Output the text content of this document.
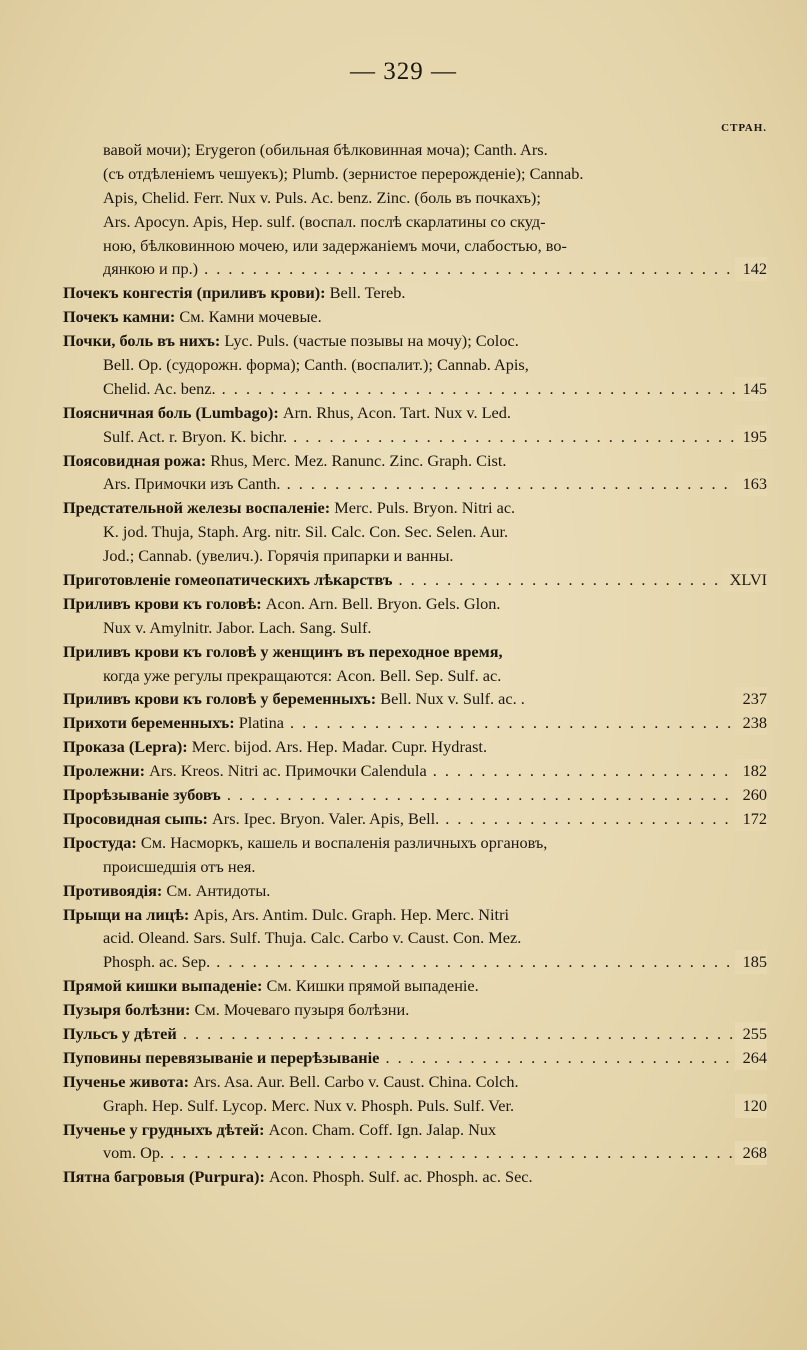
— 329 —
СТРАН.
вавой мочи); Erygeron (обильная бѣлковинная моча); Canth. Ars.
(съ отдѣленіемъ чешуекъ); Plumb. (зернистое перерожденіе); Cannab.
Apis, Chelid. Ferr. Nux v. Puls. Ac. benz. Zinc. (боль въ почкахъ);
Ars. Apocyn. Apis, Hep. sulf. (воспал. послѣ скарлатины со скуд-
ною, бѣлковинною мочею, или задержаніемъ мочи, слабостью, во-
дянкою и пр.) . . .	142
Почекъ конгестія (приливъ крови): Bell. Tereb.
Почекъ камни: См. Камни мочевые.
Почки, боль въ нихъ: Lyc. Puls. (частые позывы на мочу); Coloc.
Bell. Op. (судорожн. форма); Canth. (воспалит.); Cannab. Apis,
Chelid. Ac. benz. . . .	145
Поясничная боль (Lumbago): Arn. Rhus, Acon. Tart. Nux v. Led.
Sulf. Act. r. Bryon. K. bichr. . . .	195
Поясовидная рожа: Rhus, Merc. Mez. Ranunc. Zinc. Graph. Cist.
Ars. Примочки изъ Canth. . . .	163
Предстательной железы воспаленіе: Merc. Puls. Bryon. Nitri ac.
K. jod. Thuja, Staph. Arg. nitr. Sil. Calc. Con. Sec. Selen. Aur.
Jod.; Cannab. (увелич.). Горячія припарки и ванны.
Приготовленіе гомеопатическихъ лѣкарствъ . . .	XLVI
Приливъ крови къ головѣ: Acon. Arn. Bell. Bryon. Gels. Glon.
Nux v. Amylnitr. Jabor. Lach. Sang. Sulf.
Приливъ крови къ головѣ у женщинъ въ переходное время,
когда уже регулы прекращаются: Acon. Bell. Sep. Sulf. ac.
Приливъ крови къ головѣ у беременныхъ: Bell. Nux v. Sulf. ac. .	237
Прихоти беременныхъ: Platina . . .	238
Проказа (Lepra): Merc. bijod. Ars. Hep. Madar. Cupr. Hydrast.
Пролежни: Ars. Kreos. Nitri ac. Примочки Calendula . . .	182
Прорѣзываніе зубовъ . . .	260
Просовидная сыпь: Ars. Ipec. Bryon. Valer. Apis, Bell. . . .	172
Простуда: См. Насморкъ, кашель и воспаленія различныхъ органовъ,
происшедшія отъ нея.
Противоядія: См. Антидоты.
Прыщи на лицѣ: Apis, Ars. Antim. Dulc. Graph. Hep. Merc. Nitri
acid. Oleand. Sars. Sulf. Thuja. Calc. Carbo v. Caust. Con. Mez.
Phosph. ac. Sep. . . .	185
Прямой кишки выпаденіе: См. Кишки прямой выпаденіе.
Пузыря болѣзни: См. Мочеваго пузыря болѣзни.
Пульсъ у дѣтей . . .	255
Пуповины перевязываніе и перерѣзываніе . . .	264
Пученье живота: Ars. Asa. Aur. Bell. Carbo v. Caust. China. Colch.
Graph. Hep. Sulf. Lycop. Merc. Nux v. Phosph. Puls. Sulf. Ver.	120
Пученье у грудныхъ дѣтей: Acon. Cham. Coff. Ign. Jalap. Nux
vom. Op. . . .	268
Пятна багровыя (Purpura): Acon. Phosph. Sulf. ac. Phosph. ac. Sec.
